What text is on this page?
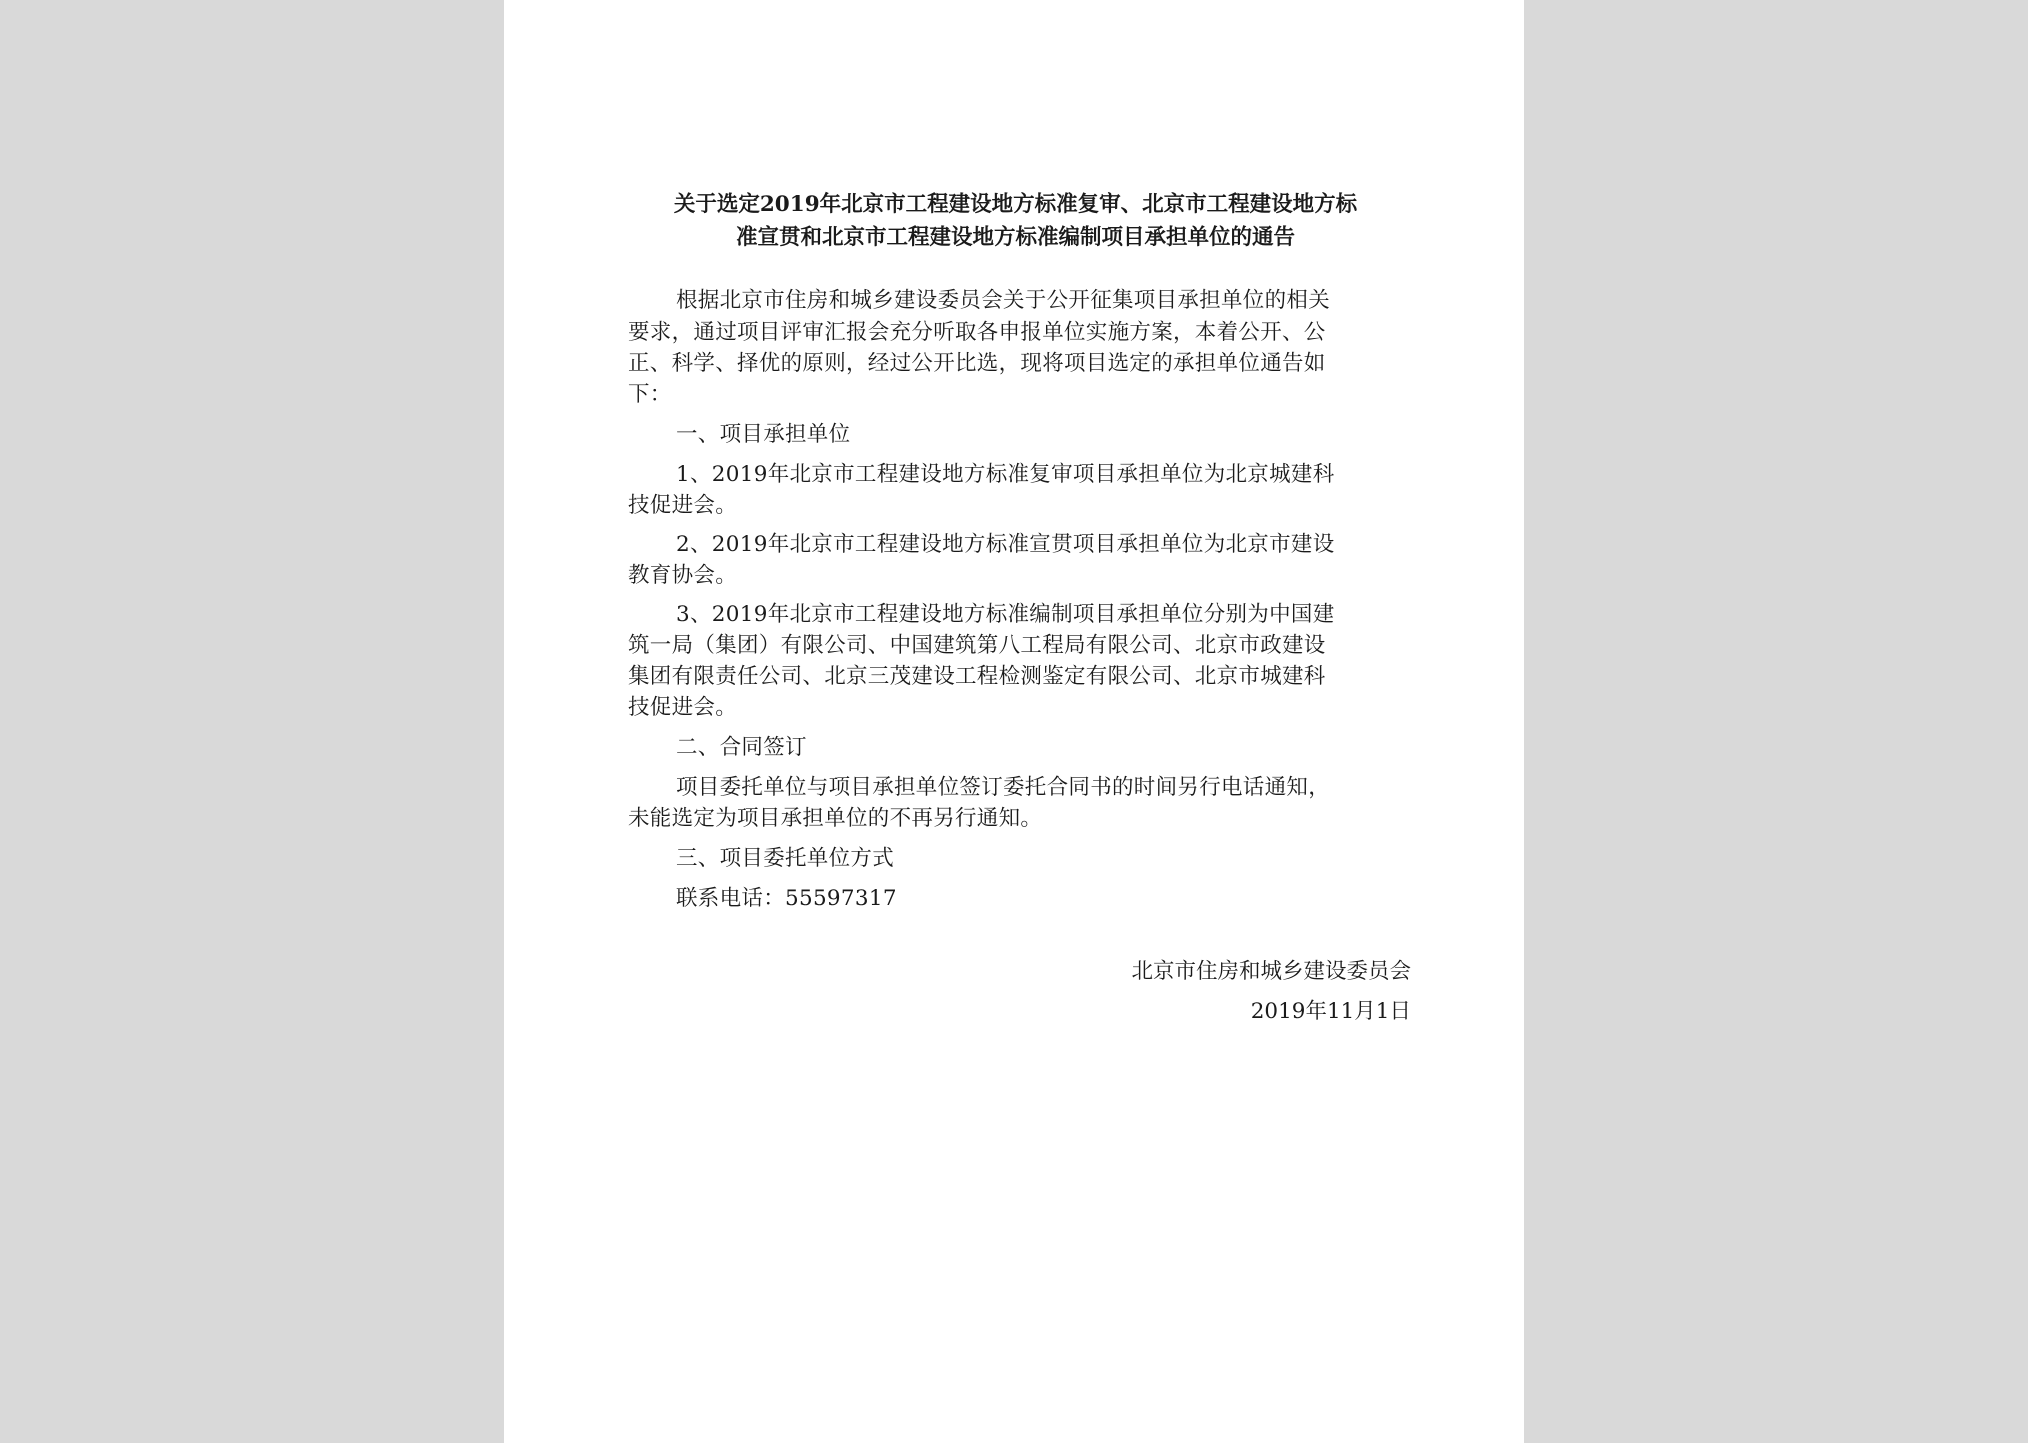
关于选定2019年北京市工程建设地方标准复审、北京市工程建设地方标
准宣贯和北京市工程建设地方标准编制项目承担单位的通告
根据北京市住房和城乡建设委员会关于公开征集项目承担单位的相关
要求，通过项目评审汇报会充分听取各申报单位实施方案，本着公开、公
正、科学、择优的原则，经过公开比选，现将项目选定的承担单位通告如
下：
一、项目承担单位
1、2019年北京市工程建设地方标准复审项目承担单位为北京城建科
技促进会。
2、2019年北京市工程建设地方标准宣贯项目承担单位为北京市建设
教育协会。
3、2019年北京市工程建设地方标准编制项目承担单位分别为中国建
筑一局（集团）有限公司、中国建筑第八工程局有限公司、北京市政建设
集团有限责任公司、北京三茂建设工程检测鉴定有限公司、北京市城建科
技促进会。
二、合同签订
项目委托单位与项目承担单位签订委托合同书的时间另行电话通知，
未能选定为项目承担单位的不再另行通知。
三、项目委托单位方式
联系电话：55597317
北京市住房和城乡建设委员会
2019年11月1日
